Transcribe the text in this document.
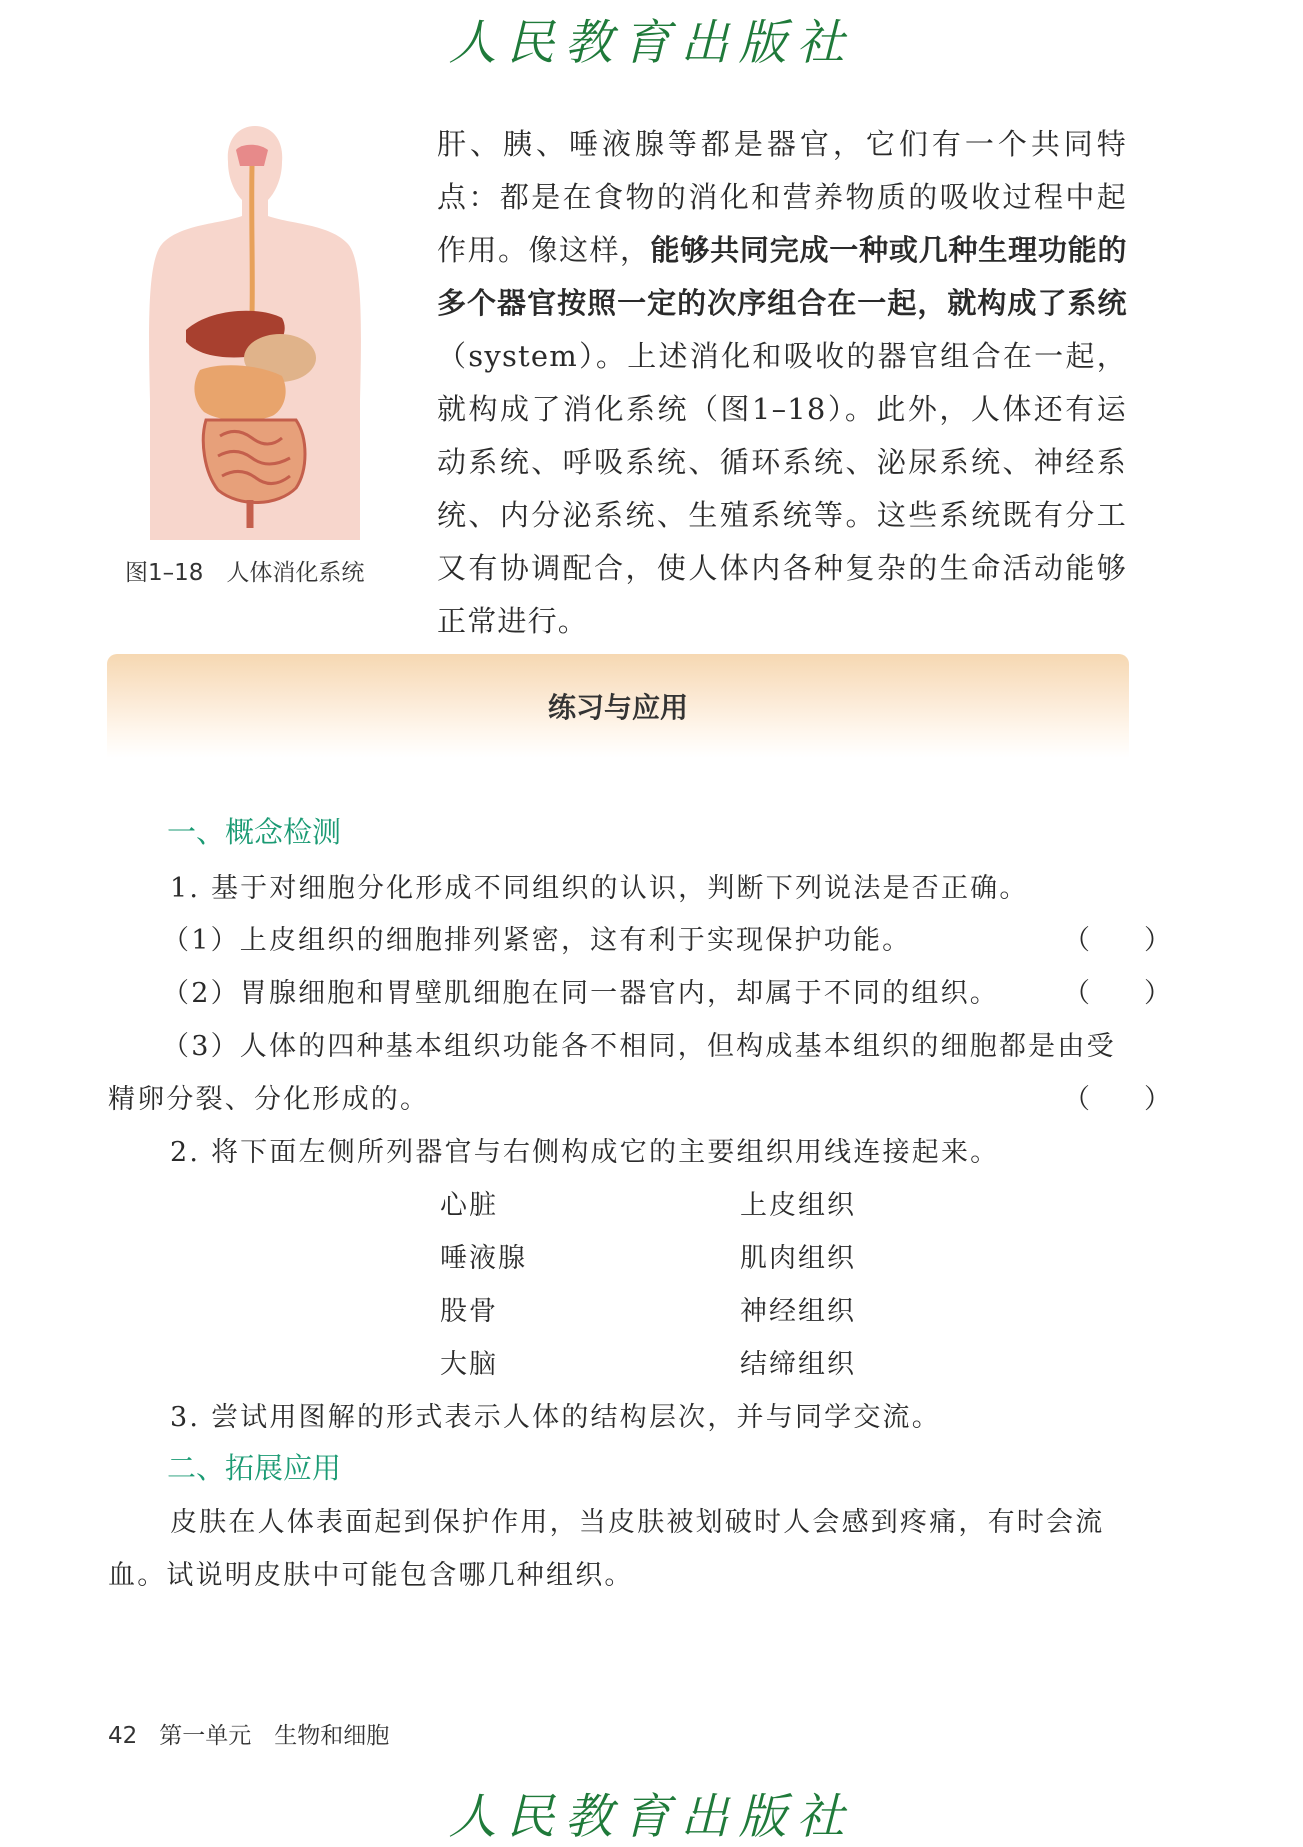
人民教育出版社
图1–18　人体消化系统
肝、胰、唾液腺等都是器官，它们有一个共同特点：都是在食物的消化和营养物质的吸收过程中起作用。像这样，能够共同完成一种或几种生理功能的多个器官按照一定的次序组合在一起，就构成了系统（system）。上述消化和吸收的器官组合在一起，就构成了消化系统（图1–18）。此外，人体还有运动系统、呼吸系统、循环系统、泌尿系统、神经系统、内分泌系统、生殖系统等。这些系统既有分工又有协调配合，使人体内各种复杂的生命活动能够正常进行。
练习与应用
一、概念检测
1. 基于对细胞分化形成不同组织的认识，判断下列说法是否正确。
（1）上皮组织的细胞排列紧密，这有利于实现保护功能。	（　　）
（2）胃腺细胞和胃壁肌细胞在同一器官内，却属于不同的组织。 （　　）
（3）人体的四种基本组织功能各不相同，但构成基本组织的细胞都是由受
精卵分裂、分化形成的。	（　　）
2. 将下面左侧所列器官与右侧构成它的主要组织用线连接起来。
心脏	上皮组织
唾液腺	肌肉组织
股骨	神经组织
大脑	结缔组织
3. 尝试用图解的形式表示人体的结构层次，并与同学交流。
二、拓展应用
皮肤在人体表面起到保护作用，当皮肤被划破时人会感到疼痛，有时会流
血。试说明皮肤中可能包含哪几种组织。
42 第一单元　生物和细胞
人民教育出版社
